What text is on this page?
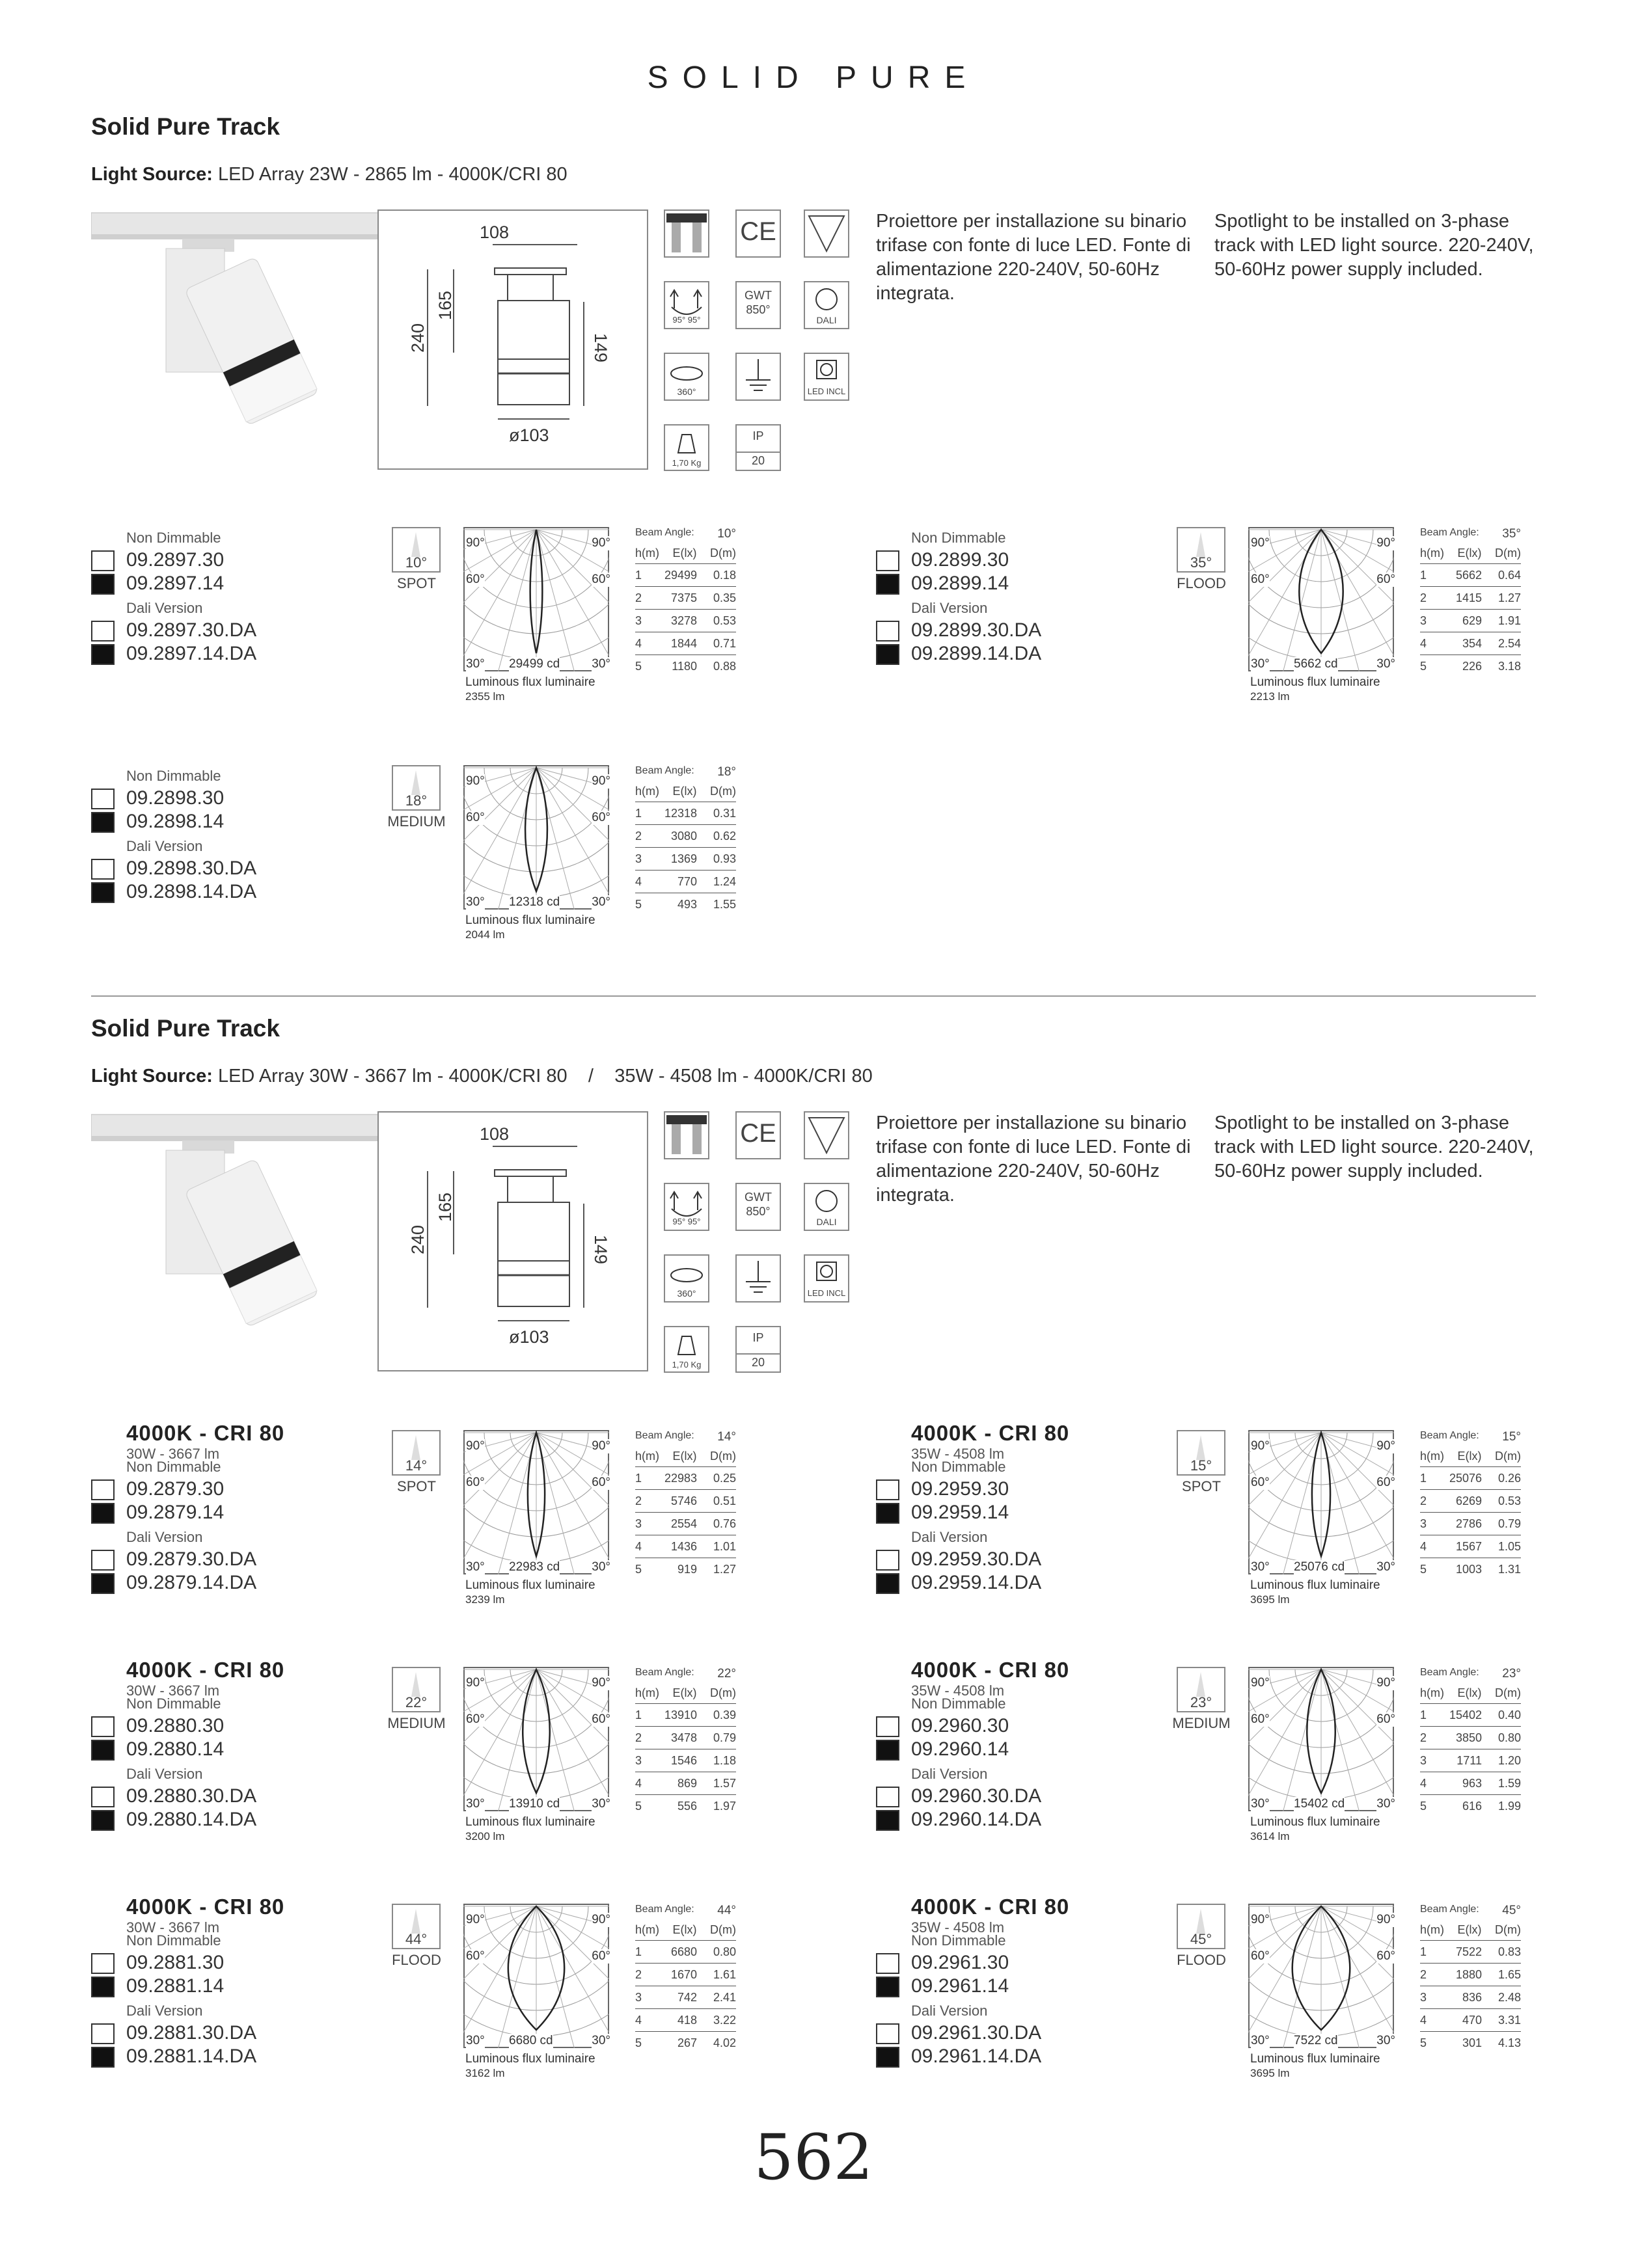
SOLID PURE
Non Dimmable
09.2897.30
09.2897.14
09.2897.30.DA
09.2897.14.DA
Dali Version
10°
SPOT
90°	90°
60°	60°
30°	30°
29499 cd
Luminous flux luminaire
2355 lm
Beam Angle: 10°
h(m) E(lx) D(m)
1	29499	0.18
2	7375	0.35
3	3278	0.53
4	1844	0.71
5	1180	0.88
Non Dimmable
09.2899.30
09.2899.14
09.2899.30.DA
09.2899.14.DA
Dali Version
35°
FLOOD
90°	90°
60°	60°
30°	30°
5662 cd
Luminous flux luminaire
2213 lm
Beam Angle: 35°
h(m) E(lx) D(m)
1	5662	0.64
2	1415	1.27
3	629	1.91
4	354	2.54
5	226	3.18
Non Dimmable
09.2898.30
09.2898.14
09.2898.30.DA
09.2898.14.DA
Dali Version
18°
MEDIUM
90°	90°
60°	60°
30°	30°
12318 cd
Luminous flux luminaire
2044 lm
Beam Angle: 18°
h(m) E(lx) D(m)
1	12318	0.31
2	3080	0.62
3	1369	0.93
4	770	1.24
5	493	1.55
4000K - CRI 80
30W - 3667 lm
Non Dimmable
09.2879.30
09.2879.14
09.2879.30.DA
09.2879.14.DA
Dali Version
14°
SPOT
90°	90°
60°	60°
30°	30°
22983 cd
Luminous flux luminaire
3239 lm
Beam Angle: 14°
h(m) E(lx) D(m)
1	22983	0.25
2	5746	0.51
3	2554	0.76
4	1436	1.01
5	919	1.27
4000K - CRI 80
35W - 4508 lm
Non Dimmable
09.2959.30
09.2959.14
09.2959.30.DA
09.2959.14.DA
Dali Version
15°
SPOT
90°	90°
60°	60°
30°	30°
25076 cd
Luminous flux luminaire
3695 lm
Beam Angle: 15°
h(m) E(lx) D(m)
1	25076	0.26
2	6269	0.53
3	2786	0.79
4	1567	1.05
5	1003	1.31
4000K - CRI 80
30W - 3667 lm
Non Dimmable
09.2880.30
09.2880.14
09.2880.30.DA
09.2880.14.DA
Dali Version
22°
MEDIUM
90°	90°
60°	60°
30°	30°
13910 cd
Luminous flux luminaire
3200 lm
Beam Angle: 22°
h(m) E(lx) D(m)
1	13910	0.39
2	3478	0.79
3	1546	1.18
4	869	1.57
5	556	1.97
4000K - CRI 80
35W - 4508 lm
Non Dimmable
09.2960.30
09.2960.14
09.2960.30.DA
09.2960.14.DA
Dali Version
23°
MEDIUM
90°	90°
60°	60°
30°	30°
15402 cd
Luminous flux luminaire
3614 lm
Beam Angle: 23°
h(m) E(lx) D(m)
1	15402	0.40
2	3850	0.80
3	1711	1.20
4	963	1.59
5	616	1.99
4000K - CRI 80
30W - 3667 lm
Non Dimmable
09.2881.30
09.2881.14
09.2881.30.DA
09.2881.14.DA
Dali Version
44°
FLOOD
90°	90°
60°	60°
30°	30°
6680 cd
Luminous flux luminaire
3162 lm
Beam Angle: 44°
h(m) E(lx) D(m)
1	6680	0.80
2	1670	1.61
3	742	2.41
4	418	3.22
5	267	4.02
4000K - CRI 80
35W - 4508 lm
Non Dimmable
09.2961.30
09.2961.14
09.2961.30.DA
09.2961.14.DA
Dali Version
45°
FLOOD
90°	90°
60°	60°
30°	30°
7522 cd
Luminous flux luminaire
3695 lm
Beam Angle: 45°
h(m) E(lx) D(m)
1	7522	0.83
2	1880	1.65
3	836	2.48
4	470	3.31
5	301	4.13
562
Solid Pure Track
Light Source: LED Array 23W - 2865 lm - 4000K/CRI 80
108
240
165
149
ø103
CE
95° 95°
GWT
850°
DALI
360°	LED INCL
1,70 Kg
IP
20
Proiettore per installazione su binario trifase con fonte di luce LED. Fonte di alimentazione 220-240V, 50-60Hz integrata.
Spotlight to be installed on 3-phase track with LED light source. 220-240V, 50-60Hz power supply included.
Solid Pure Track
Light Source: LED Array 30W - 3667 lm - 4000K/CRI 80    /    35W - 4508 lm - 4000K/CRI 80
108
240
165
149
ø103
CE
95° 95°
GWT
850°
DALI
360°	LED INCL
1,70 Kg
IP
20
Proiettore per installazione su binario trifase con fonte di luce LED. Fonte di alimentazione 220-240V, 50-60Hz integrata.
Spotlight to be installed on 3-phase track with LED light source. 220-240V, 50-60Hz power supply included.
